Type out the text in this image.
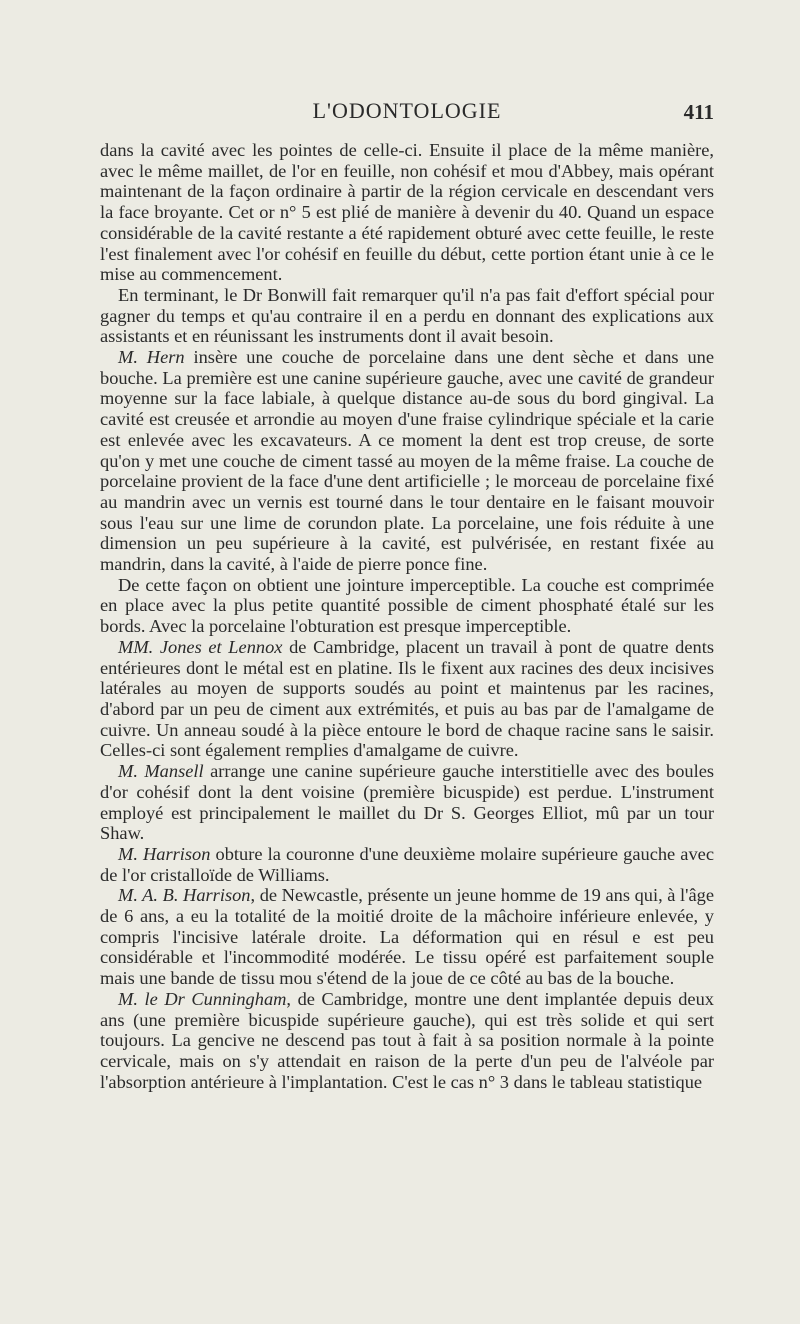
L'ODONTOLOGIE	411

dans la cavité avec les pointes de celle-ci. Ensuite il place de la même manière, avec le même maillet, de l'or en feuille, non cohésif et mou d'Abbey, mais opérant maintenant de la façon ordinaire à partir de la région cervicale en descendant vers la face broyante. Cet or n° 5 est plié de manière à devenir du 40. Quand un espace considérable de la cavité restante a été rapidement obturé avec cette feuille, le reste l'est finalement avec l'or cohésif en feuille du début, cette portion étant unie à ce le mise au commencement.

En terminant, le Dr Bonwill fait remarquer qu'il n'a pas fait d'effort spécial pour gagner du temps et qu'au contraire il en a perdu en donnant des explications aux assistants et en réunissant les instruments dont il avait besoin.

M. Hern insère une couche de porcelaine dans une dent sèche et dans une bouche. La première est une canine supérieure gauche, avec une cavité de grandeur moyenne sur la face labiale, à quelque distance au-de sous du bord gingival. La cavité est creusée et arrondie au moyen d'une fraise cylindrique spéciale et la carie est enlevée avec les excavateurs. A ce moment la dent est trop creuse, de sorte qu'on y met une couche de ciment tassé au moyen de la même fraise. La couche de porcelaine provient de la face d'une dent artificielle ; le morceau de porcelaine fixé au mandrin avec un vernis est tourné dans le tour dentaire en le faisant mouvoir sous l'eau sur une lime de corundon plate. La porcelaine, une fois réduite à une dimension un peu supérieure à la cavité, est pulvérisée, en restant fixée au mandrin, dans la cavité, à l'aide de pierre ponce fine.

De cette façon on obtient une jointure imperceptible. La couche est comprimée en place avec la plus petite quantité possible de ciment phosphaté étalé sur les bords. Avec la porcelaine l'obturation est presque imperceptible.

MM. Jones et Lennox de Cambridge, placent un travail à pont de quatre dents entérieures dont le métal est en platine. Ils le fixent aux racines des deux incisives latérales au moyen de supports soudés au point et maintenus par les racines, d'abord par un peu de ciment aux extrémités, et puis au bas par de l'amalgame de cuivre. Un anneau soudé à la pièce entoure le bord de chaque racine sans le saisir. Celles-ci sont également remplies d'amalgame de cuivre.

M. Mansell arrange une canine supérieure gauche interstitielle avec des boules d'or cohésif dont la dent voisine (première bicuspide) est perdue. L'instrument employé est principalement le maillet du Dr S. Georges Elliot, mû par un tour Shaw.

M. Harrison obture la couronne d'une deuxième molaire supérieure gauche avec de l'or cristalloïde de Williams.

M. A. B. Harrison, de Newcastle, présente un jeune homme de 19 ans qui, à l'âge de 6 ans, a eu la totalité de la moitié droite de la mâchoire inférieure enlevée, y compris l'incisive latérale droite. La déformation qui en résul e est peu considérable et l'incommodité modérée. Le tissu opéré est parfaitement souple mais une bande de tissu mou s'étend de la joue de ce côté au bas de la bouche.

M. le Dr Cunningham, de Cambridge, montre une dent implantée depuis deux ans (une première bicuspide supérieure gauche), qui est très solide et qui sert toujours. La gencive ne descend pas tout à fait à sa position normale à la pointe cervicale, mais on s'y attendait en raison de la perte d'un peu de l'alvéole par l'absorption antérieure à l'implantation. C'est le cas n° 3 dans le tableau statistique
